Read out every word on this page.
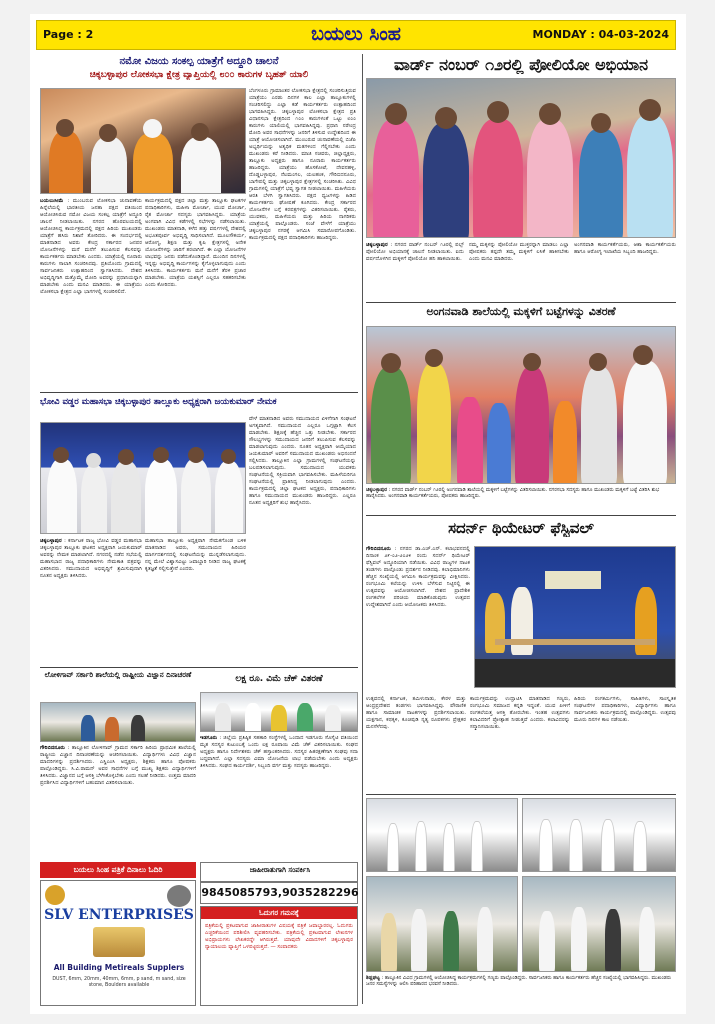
Page : 2	ಬಯಲು ಸಿಂಹ	MONDAY : 04-03-2024
ನಮೋ ವಿಜಯ ಸಂಕಲ್ಪ ಯಾತ್ರೆಗೆ ಅದ್ಧೂರಿ ಚಾಲನೆ
ಚಿಕ್ಕಬಳ್ಳಾಪುರ ಲೋಕಸಭಾ ಕ್ಷೇತ್ರ ವ್ಯಾಪ್ತಿಯಲ್ಲಿ ೮೦೦ ಕಾರುಗಳ ಬೃಹತ್ ಯಾಲಿ
ಬೆಂಗಳೂರು ಗ್ರಾಮಾಂತರ ಲೋಕಸಭಾ ಕ್ಷೇತ್ರದಲ್ಲಿ ಸಂಚರಿಸುತ್ತಿರುವ ಯಾತ್ರೆಯು ಎರಡು ದಿನಗಳ ಕಾಲ ಎಲ್ಲಾ ತಾಲ್ಲೂಕುಗಳಲ್ಲಿ ಸಂಚರಿಸಲಿದ್ದು ಎಲ್ಲಾ ಕಡೆ ಕಾರ್ಯಕರ್ತರು ಉತ್ಸಾಹದಿಂದ ಭಾಗವಹಿಸಿದ್ದರು. ಚಿಕ್ಕಬಳ್ಳಾಪುರ ಲೋಕಸಭಾ ಕ್ಷೇತ್ರದ ಪ್ರತಿ ವಿಧಾನಸಭಾ ಕ್ಷೇತ್ರದಿಂದ ೧೦೦ ಕಾರುಗಳಂತೆ ಒಟ್ಟು ೮೦೦ ಕಾರುಗಳು ಯಾಲಿಯಲ್ಲಿ ಭಾಗವಹಿಸಿದ್ದವು. ಪ್ರಧಾನಿ ನರೇಂದ್ರ ಮೋದಿ ಅವರ ಸಾಧನೆಗಳನ್ನು ಜನರಿಗೆ ತಿಳಿಸುವ ಉದ್ದೇಶದಿಂದ ಈ ಯಾತ್ರೆ ಆಯೋಜಿಸಲಾಗಿದೆ. ಮುಂಬರುವ ಚುನಾವಣೆಯಲ್ಲಿ ಬಿಜೆಪಿ ಅಭ್ಯರ್ಥಿಯನ್ನು ಅತ್ಯಧಿಕ ಮತಗಳಿಂದ ಗೆಲ್ಲಿಸಬೇಕು ಎಂದು ಮುಖಂಡರು ಕರೆ ನೀಡಿದರು. ಮಾಜಿ ಸಚಿವರು, ಜಿಲ್ಲಾಧ್ಯಕ್ಷರು, ತಾಲ್ಲೂಕು ಅಧ್ಯಕ್ಷರು ಹಾಗೂ ನೂರಾರು ಕಾರ್ಯಕರ್ತರು ಹಾಜರಿದ್ದರು. ಯಾತ್ರೆಯು ಹೊಸಕೋಟೆ, ದೇವನಹಳ್ಳಿ, ದೊಡ್ಡಬಳ್ಳಾಪುರ, ನೆಲಮಂಗಲ, ಯಲಹಂಕ, ಗೌರಿಬಿದನೂರು, ಬಾಗೇಪಲ್ಲಿ ಮತ್ತು ಚಿಕ್ಕಬಳ್ಳಾಪುರ ಕ್ಷೇತ್ರಗಳಲ್ಲಿ ಸಂಚರಿಸಿತು. ವಿವಿಧ ಗ್ರಾಮಗಳಲ್ಲಿ ಯಾತ್ರೆಗೆ ಭವ್ಯ ಸ್ವಾಗತ ನೀಡಲಾಯಿತು. ಮಹಿಳೆಯರು ಆರತಿ ಬೆಳಗಿ ಸ್ವಾಗತಿಸಿದರು. ಪಕ್ಷದ ಧ್ವಜಗಳನ್ನು ಹಿಡಿದ ಕಾರ್ಯಕರ್ತರು ಘೋಷಣೆ ಕೂಗಿದರು. ಕೇಂದ್ರ ಸರ್ಕಾರದ ಯೋಜನೆಗಳ ಬಗ್ಗೆ ಕರಪತ್ರಗಳನ್ನು ವಿತರಿಸಲಾಯಿತು. ರೈತರು, ಯುವಕರು, ಮಹಿಳೆಯರು ಮತ್ತು ಹಿರಿಯ ನಾಗರಿಕರು ಯಾತ್ರೆಯಲ್ಲಿ ಪಾಲ್ಗೊಂಡರು. ಸಂಜೆ ವೇಳೆಗೆ ಯಾತ್ರೆಯು ಚಿಕ್ಕಬಳ್ಳಾಪುರ ನಗರಕ್ಕೆ ಆಗಮಿಸಿ ಸಮಾರೋಪಗೊಂಡಿತು. ಕಾರ್ಯಕ್ರಮದಲ್ಲಿ ಪಕ್ಷದ ಪದಾಧಿಕಾರಿಗಳು ಹಾಜರಿದ್ದರು.
ಬಯಲುಸೀಮೆ : ಮುಂಬರುವ ಲೋಕಸಭಾ ಚುನಾವಣೆಯ ಹಿನ್ನೆಲೆಯಲ್ಲಿ ಭಾರತೀಯ ಜನತಾ ಪಕ್ಷದ ವತಿಯಿಂದ ಆಯೋಜಿಸಿರುವ ನಮೋ ವಿಜಯ ಸಂಕಲ್ಪ ಯಾತ್ರೆಗೆ ಅದ್ಧೂರಿ ಚಾಲನೆ ನೀಡಲಾಯಿತು. ನಗರದ ಹೊರವಲಯದಲ್ಲಿ ಆಯೋಜಿಸಿದ್ದ ಕಾರ್ಯಕ್ರಮದಲ್ಲಿ ಪಕ್ಷದ ಹಿರಿಯ ಮುಖಂಡರು ಯಾತ್ರೆಗೆ ಹಸಿರು ನಿಶಾನೆ ತೋರಿದರು. ಈ ಸಂದರ್ಭದಲ್ಲಿ ಮಾತನಾಡಿದ ಅವರು ಕೇಂದ್ರ ಸರ್ಕಾರದ ಜನಪರ ಯೋಜನೆಗಳನ್ನು ಮನೆ ಮನೆಗೆ ತಲುಪಿಸುವ ಕೆಲಸವನ್ನು ಕಾರ್ಯಕರ್ತರು ಮಾಡಬೇಕು ಎಂದರು. ಯಾತ್ರೆಯಲ್ಲಿ ನೂರಾರು ಕಾರುಗಳು ಸಾಲಾಗಿ ಸಂಚರಿಸಿದವು. ಪ್ರತಿಯೊಂದು ಗ್ರಾಮದಲ್ಲಿ ಸಾರ್ವಜನಿಕರು ಉತ್ಸಾಹದಿಂದ ಸ್ವಾಗತಿಸಿದರು. ದೇಶದ ಅಭಿವೃದ್ಧಿಗಾಗಿ ಮತ್ತೊಮ್ಮೆ ಮೋದಿ ಅವರನ್ನು ಪ್ರಧಾನಿಯನ್ನಾಗಿ ಮಾಡಬೇಕು ಎಂದು ಮನವಿ ಮಾಡಿದರು. ಈ ಯಾತ್ರೆಯು ಲೋಕಸಭಾ ಕ್ಷೇತ್ರದ ಎಲ್ಲಾ ಭಾಗಗಳಲ್ಲಿ ಸಂಚರಿಸಲಿದೆ.
ಕಾರ್ಯಕ್ರಮದಲ್ಲಿ ಪಕ್ಷದ ಜಿಲ್ಲಾ ಮತ್ತು ತಾಲ್ಲೂಕು ಘಟಕಗಳ ಪದಾಧಿಕಾರಿಗಳು, ಮಹಿಳಾ ಮೋರ್ಚಾ, ಯುವ ಮೋರ್ಚಾ, ರೈತ ಮೋರ್ಚಾ ಸದಸ್ಯರು ಭಾಗವಹಿಸಿದ್ದರು. ಯಾತ್ರೆಯ ಅಂಗವಾಗಿ ವಿವಿಧ ಕಡೆಗಳಲ್ಲಿ ಸಭೆಗಳನ್ನು ನಡೆಸಲಾಯಿತು. ಮುಖಂಡರು ಮಾತನಾಡಿ, ಕಳೆದ ಹತ್ತು ವರ್ಷಗಳಲ್ಲಿ ದೇಶದಲ್ಲಿ ಅಭೂತಪೂರ್ವ ಅಭಿವೃದ್ಧಿ ಸಾಧಿಸಲಾಗಿದೆ. ಮೂಲಸೌಕರ್ಯ, ಆರೋಗ್ಯ, ಶಿಕ್ಷಣ ಮತ್ತು ಕೃಷಿ ಕ್ಷೇತ್ರಗಳಲ್ಲಿ ಅನೇಕ ಯೋಜನೆಗಳನ್ನು ಜಾರಿಗೆ ತರಲಾಗಿದೆ. ಈ ಎಲ್ಲಾ ಯೋಜನೆಗಳ ಲಾಭವನ್ನು ಜನರು ಪಡೆದುಕೊಂಡಿದ್ದಾರೆ. ಮುಂದಿನ ದಿನಗಳಲ್ಲಿ ಇನ್ನಷ್ಟು ಅಭಿವೃದ್ಧಿ ಕಾರ್ಯಗಳನ್ನು ಕೈಗೊಳ್ಳಲಾಗುವುದು ಎಂದು ತಿಳಿಸಿದರು. ಕಾರ್ಯಕರ್ತರು ಮನೆ ಮನೆಗೆ ತೆರಳಿ ಪ್ರಚಾರ ಮಾಡಬೇಕು. ಯಾತ್ರೆಯ ಯಶಸ್ಸಿಗೆ ಎಲ್ಲರೂ ಸಹಕರಿಸಬೇಕು ಎಂದು ಕೋರಿದರು.
ಭೋವಿ ವಡ್ಡರ ಮಹಾಸಭಾ ಚಿಕ್ಕಬಳ್ಳಾಪುರ ತಾಲ್ಲೂಕು ಅಧ್ಯಕ್ಷರಾಗಿ ಜಯಕುಮಾರ್ ನೇಮಕ
ವೇಳೆ ಮಾತನಾಡಿದ ಅವರು ಸಮುದಾಯದ ಏಳಿಗೆಗಾಗಿ ಸಂಘಟನೆ ಅಗತ್ಯವಾಗಿದೆ. ಸಮುದಾಯದ ಎಲ್ಲರೂ ಒಗ್ಗಟ್ಟಾಗಿ ಕೆಲಸ ಮಾಡಬೇಕು. ಶಿಕ್ಷಣಕ್ಕೆ ಹೆಚ್ಚಿನ ಒತ್ತು ನೀಡಬೇಕು. ಸರ್ಕಾರದ ಸೌಲಭ್ಯಗಳನ್ನು ಸಮುದಾಯದ ಜನರಿಗೆ ತಲುಪಿಸುವ ಕೆಲಸವನ್ನು ಮಾಡಲಾಗುವುದು ಎಂದರು. ನೂತನ ಅಧ್ಯಕ್ಷರಾಗಿ ಆಯ್ಕೆಯಾದ ಜಯಕುಮಾರ್ ಅವರಿಗೆ ಸಮುದಾಯದ ಮುಖಂಡರು ಅಭಿನಂದನೆ ಸಲ್ಲಿಸಿದರು. ತಾಲ್ಲೂಕಿನ ಎಲ್ಲಾ ಗ್ರಾಮಗಳಲ್ಲಿ ಸಂಘಟನೆಯನ್ನು ಬಲಪಡಿಸಲಾಗುವುದು. ಸಮುದಾಯದ ಯುವಕರು ಸಂಘಟನೆಯಲ್ಲಿ ಸಕ್ರಿಯವಾಗಿ ಭಾಗವಹಿಸಬೇಕು. ಮಹಿಳೆಯರಿಗೂ ಸಂಘಟನೆಯಲ್ಲಿ ಪ್ರಾತಿನಿಧ್ಯ ನೀಡಲಾಗುವುದು ಎಂದರು. ಕಾರ್ಯಕ್ರಮದಲ್ಲಿ ಜಿಲ್ಲಾ ಘಟಕದ ಅಧ್ಯಕ್ಷರು, ಪದಾಧಿಕಾರಿಗಳು ಹಾಗೂ ಸಮುದಾಯದ ಮುಖಂಡರು ಹಾಜರಿದ್ದರು. ಎಲ್ಲರೂ ನೂತನ ಅಧ್ಯಕ್ಷರಿಗೆ ಶುಭ ಹಾರೈಸಿದರು.
ಚಿಕ್ಕಬಳ್ಳಾಪುರ : ಕರ್ನಾಟಕ ರಾಜ್ಯ ಭೋವಿ ವಡ್ಡರ ಮಹಾಸಭಾ ಚಿಕ್ಕಬಳ್ಳಾಪುರ ತಾಲ್ಲೂಕು ಘಟಕದ ಅಧ್ಯಕ್ಷರಾಗಿ ಜಯಕುಮಾರ್ ಅವರನ್ನು ನೇಮಕ ಮಾಡಲಾಗಿದೆ. ನಗರದಲ್ಲಿ ನಡೆದ ಸಭೆಯಲ್ಲಿ ಮಹಾಸಭಾದ ರಾಜ್ಯ ಪದಾಧಿಕಾರಿಗಳು ನೇಮಕಾತಿ ಪತ್ರವನ್ನು ವಿತರಿಸಿದರು. ಸಮುದಾಯದ ಅಭಿವೃದ್ಧಿಗೆ ಶ್ರಮಿಸುವುದಾಗಿ ನೂತನ ಅಧ್ಯಕ್ಷರು ತಿಳಿಸಿದರು.
ಮಹಾಸಭಾ ತಾಲ್ಲೂಕು ಅಧ್ಯಕ್ಷರಾಗಿ ನೇಮಕಗೊಂಡ ಬಳಿಕ ಮಾತನಾಡಿದ ಅವರು, ಸಮುದಾಯದ ಹಿರಿಯರ ಮಾರ್ಗದರ್ಶನದಲ್ಲಿ ಸಂಘಟನೆಯನ್ನು ಮುನ್ನಡೆಸಲಾಗುವುದು. ನನ್ನ ಮೇಲೆ ವಿಶ್ವಾಸವಿಟ್ಟು ಜವಾಬ್ದಾರಿ ನೀಡಿದ ರಾಜ್ಯ ಘಟಕಕ್ಕೆ ಕೃತಜ್ಞತೆ ಸಲ್ಲಿಸುತ್ತೇನೆ ಎಂದರು.
ಲೋಳಿಗಾವ್ ಸರ್ಕಾರಿ ಶಾಲೆಯಲ್ಲಿ ರಾಷ್ಟ್ರೀಯ ವಿಜ್ಞಾನ ದಿನಾಚರಣೆ
ಗೌರಿಬಿದನೂರು : ತಾಲ್ಲೂಕಿನ ಲೋಳಿಗಾವ್ ಗ್ರಾಮದ ಸರ್ಕಾರಿ ಹಿರಿಯ ಪ್ರಾಥಮಿಕ ಶಾಲೆಯಲ್ಲಿ ರಾಷ್ಟ್ರೀಯ ವಿಜ್ಞಾನ ದಿನಾಚರಣೆಯನ್ನು ಆಚರಿಸಲಾಯಿತು. ವಿದ್ಯಾರ್ಥಿಗಳು ವಿವಿಧ ವಿಜ್ಞಾನ ಮಾದರಿಗಳನ್ನು ಪ್ರದರ್ಶಿಸಿದರು. ಎಸ್ಡಿಎಂಸಿ ಅಧ್ಯಕ್ಷರು, ಶಿಕ್ಷಕರು ಹಾಗೂ ಪೋಷಕರು ಪಾಲ್ಗೊಂಡಿದ್ದರು. ಸಿ.ವಿ.ರಾಮನ್ ಅವರ ಸಾಧನೆಗಳ ಬಗ್ಗೆ ಮುಖ್ಯ ಶಿಕ್ಷಕರು ವಿದ್ಯಾರ್ಥಿಗಳಿಗೆ ತಿಳಿಸಿದರು. ವಿಜ್ಞಾನದ ಬಗ್ಗೆ ಆಸಕ್ತಿ ಬೆಳೆಸಿಕೊಳ್ಳಬೇಕು ಎಂದು ಸಲಹೆ ನೀಡಿದರು. ಉತ್ತಮ ಮಾದರಿ ಪ್ರದರ್ಶಿಸಿದ ವಿದ್ಯಾರ್ಥಿಗಳಿಗೆ ಬಹುಮಾನ ವಿತರಿಸಲಾಯಿತು.
ಲಕ್ಷ ರೂ. ವಿಮೆ ಚೆಕ್ ವಿತರಣೆ
ಇಡಗೂರು : ಜಿಲ್ಲೆಯ ಪ್ರತಿಷ್ಠಿತ ಸಹಕಾರಿ ಸಂಸ್ಥೆಗಳಲ್ಲಿ ಒಂದಾದ ಇಡಗೂರು ಸೊಸೈಟಿ ವತಿಯಿಂದ ಮೃತ ಸದಸ್ಯರ ಕುಟುಂಬಕ್ಕೆ ಒಂದು ಲಕ್ಷ ರೂಪಾಯಿ ವಿಮೆ ಚೆಕ್ ವಿತರಿಸಲಾಯಿತು. ಸಂಘದ ಅಧ್ಯಕ್ಷರು ಹಾಗೂ ನಿರ್ದೇಶಕರು ಚೆಕ್ ಹಸ್ತಾಂತರಿಸಿದರು. ಸದಸ್ಯರ ಹಿತರಕ್ಷಣೆಗಾಗಿ ಸಂಘವು ಸದಾ ಬದ್ಧವಾಗಿದೆ. ಎಲ್ಲಾ ಸದಸ್ಯರು ವಿಮಾ ಯೋಜನೆಯ ಲಾಭ ಪಡೆಯಬೇಕು ಎಂದು ಅಧ್ಯಕ್ಷರು ತಿಳಿಸಿದರು. ಸಂಘದ ಕಾರ್ಯದರ್ಶಿ, ಸಿಬ್ಬಂದಿ ವರ್ಗ ಮತ್ತು ಸದಸ್ಯರು ಹಾಜರಿದ್ದರು.
ಬಯಲು ಸಿಂಹ ಪತ್ರಿಕೆ ದಿನಾಲು ಓದಿರಿ
SLV ENTERPRISES
All Building Metireals Supplers
DUST, 6mm, 20mm, 40mm, 6mm, p sand, m sand, size stone, Boulders available
ಜಾಹೀರಾತುಗಾಗಿ ಸಂಪರ್ಕಿಸಿ
9845085793,9035282296
ಓದುಗರ ಗಮನಕ್ಕೆ
ಪತ್ರಿಕೆಯಲ್ಲಿ ಪ್ರಕಟವಾಗುವ ಜಾಹೀರಾತುಗಳ ವಿಷಯಕ್ಕೆ ಪತ್ರಿಕೆ ಜವಾಬ್ದಾರರಲ್ಲ. ಓದುಗರು ಎಚ್ಚರಿಕೆಯಿಂದ ಪರಿಶೀಲಿಸಿ ವ್ಯವಹರಿಸಬೇಕು. ಪತ್ರಿಕೆಯಲ್ಲಿ ಪ್ರಕಟವಾಗುವ ಲೇಖನಗಳ ಅಭಿಪ್ರಾಯಗಳು ಲೇಖಕರದ್ದೇ ಆಗಿರುತ್ತವೆ. ಯಾವುದೇ ವಿವಾದಗಳಿಗೆ ಚಿಕ್ಕಬಳ್ಳಾಪುರ ನ್ಯಾಯಾಲಯ ವ್ಯಾಪ್ತಿಗೆ ಒಳಪಟ್ಟಿರುತ್ತದೆ. — ಸಂಪಾದಕರು
ವಾರ್ಡ್ ನಂಬರ್ ೧೨ರಲ್ಲಿ ಪೋಲಿಯೋ ಅಭಿಯಾನ
ಚಿಕ್ಕಬಳ್ಳಾಪುರ : ನಗರದ ವಾರ್ಡ್ ನಂಬರ್ ೧೨ರಲ್ಲಿ ಪಲ್ಸ್ ಪೋಲಿಯೋ ಅಭಿಯಾನಕ್ಕೆ ಚಾಲನೆ ನೀಡಲಾಯಿತು. ಐದು ವರ್ಷದೊಳಗಿನ ಮಕ್ಕಳಿಗೆ ಪೋಲಿಯೋ ಹನಿ ಹಾಕಲಾಯಿತು.
ನಮ್ಮ ಮಕ್ಕಳನ್ನು ಪೋಲಿಯೋ ಮುಕ್ತರನ್ನಾಗಿ ಮಾಡಲು ಎಲ್ಲಾ ಪೋಷಕರು ತಪ್ಪದೇ ತಮ್ಮ ಮಕ್ಕಳಿಗೆ ಲಸಿಕೆ ಹಾಕಿಸಬೇಕು ಎಂದು ಮನವಿ ಮಾಡಿದರು.
ಅಂಗನವಾಡಿ ಕಾರ್ಯಕರ್ತೆಯರು, ಆಶಾ ಕಾರ್ಯಕರ್ತೆಯರು ಹಾಗೂ ಆರೋಗ್ಯ ಇಲಾಖೆಯ ಸಿಬ್ಬಂದಿ ಹಾಜರಿದ್ದರು.
ಅಂಗನವಾಡಿ ಶಾಲೆಯಲ್ಲಿ ಮಕ್ಕಳಿಗೆ ಬಟ್ಟೆಗಳನ್ನು ವಿತರಣೆ
ಚಿಕ್ಕಬಳ್ಳಾಪುರ : ನಗರದ ವಾರ್ಡ್ ನಂಬರ್ ೧೨ರಲ್ಲಿ ಅಂಗನವಾಡಿ ಶಾಲೆಯಲ್ಲಿ ಮಕ್ಕಳಿಗೆ ಬಟ್ಟೆಗಳನ್ನು ವಿತರಿಸಲಾಯಿತು. ನಗರಸಭಾ ಸದಸ್ಯರು ಹಾಗೂ ಮುಖಂಡರು ಮಕ್ಕಳಿಗೆ ಬಟ್ಟೆ ವಿತರಿಸಿ ಶುಭ ಹಾರೈಸಿದರು. ಅಂಗನವಾಡಿ ಕಾರ್ಯಕರ್ತೆಯರು, ಪೋಷಕರು ಹಾಜರಿದ್ದರು.
ಸದರ್ನ್ ಥಿಯೇಟರ್ ಫೆಸ್ಟಿವಲ್
ಗೌರಿಬಿದನೂರು : ನಗರದ ಡಾ.ಎಚ್.ಎನ್. ಕಲಾಭವನದಲ್ಲಿ ದಿನಾಂಕ ೨೯-೦೨-೨೦೨೪ ರಂದು ಸದರ್ನ್ ಥಿಯೇಟರ್ ಫೆಸ್ಟಿವಲ್ ಅದ್ಧೂರಿಯಾಗಿ ನಡೆಯಿತು. ವಿವಿಧ ರಾಜ್ಯಗಳ ನಾಟಕ ತಂಡಗಳು ಪಾಲ್ಗೊಂಡು ಪ್ರದರ್ಶನ ನೀಡಿದವು. ಕಲಾಭಿಮಾನಿಗಳು ಹೆಚ್ಚಿನ ಸಂಖ್ಯೆಯಲ್ಲಿ ಆಗಮಿಸಿ ಕಾರ್ಯಕ್ರಮವನ್ನು ವೀಕ್ಷಿಸಿದರು. ರಂಗಭೂಮಿ ಕಲೆಯನ್ನು ಉಳಿಸಿ ಬೆಳೆಸುವ ನಿಟ್ಟಿನಲ್ಲಿ ಈ ಉತ್ಸವವನ್ನು ಆಯೋಜಿಸಲಾಗಿದೆ. ದೇಶದ ಪ್ರಾದೇಶಿಕ ರಂಗಕಲೆಗಳ ಪರಿಚಯ ಮಾಡಿಕೊಡುವುದು ಉತ್ಸವದ ಉದ್ದೇಶವಾಗಿದೆ ಎಂದು ಆಯೋಜಕರು ತಿಳಿಸಿದರು.
ಉತ್ಸವದಲ್ಲಿ ಕರ್ನಾಟಕ, ತಮಿಳುನಾಡು, ಕೇರಳ ಮತ್ತು ಆಂಧ್ರಪ್ರದೇಶದ ತಂಡಗಳು ಭಾಗವಹಿಸಿದ್ದವು. ಪೌರಾಣಿಕ ಹಾಗೂ ಸಾಮಾಜಿಕ ನಾಟಕಗಳನ್ನು ಪ್ರದರ್ಶಿಸಲಾಯಿತು. ಯಕ್ಷಗಾನ, ಕಥಕ್ಕಳಿ, ಕೂಚಿಪುಡಿ ನೃತ್ಯ ರೂಪಕಗಳು ಪ್ರೇಕ್ಷಕರ ಮನಸೆಳೆದವು.
ಕಾರ್ಯಕ್ರಮವನ್ನು ಉದ್ಘಾಟಿಸಿ ಮಾತನಾಡಿದ ಗಣ್ಯರು, ರಂಗಭೂಮಿ ಸಮಾಜದ ಕನ್ನಡಿ ಇದ್ದಂತೆ. ಯುವ ಪೀಳಿಗೆ ರಂಗಕಲೆಯತ್ತ ಆಸಕ್ತಿ ತೋರಬೇಕು. ಇಂತಹ ಉತ್ಸವಗಳು ಕಲಾವಿದರಿಗೆ ಪ್ರೋತ್ಸಾಹ ನೀಡುತ್ತವೆ ಎಂದರು. ಕಲಾವಿದರನ್ನು ಸನ್ಮಾನಿಸಲಾಯಿತು.
ಹಿರಿಯ ರಂಗಕರ್ಮಿಗಳು, ಸಾಹಿತಿಗಳು, ಸಾಂಸ್ಕೃತಿಕ ಸಂಘಟನೆಗಳ ಪದಾಧಿಕಾರಿಗಳು, ವಿದ್ಯಾರ್ಥಿಗಳು ಹಾಗೂ ಸಾರ್ವಜನಿಕರು ಕಾರ್ಯಕ್ರಮದಲ್ಲಿ ಪಾಲ್ಗೊಂಡಿದ್ದರು. ಉತ್ಸವವು ಮೂರು ದಿನಗಳ ಕಾಲ ನಡೆಯಿತು.
ಶಿಡ್ಲಘಟ್ಟ : ತಾಲ್ಲೂಕಿನ ವಿವಿಧ ಗ್ರಾಮಗಳಲ್ಲಿ ಆಯೋಜಿಸಿದ್ದ ಕಾರ್ಯಕ್ರಮಗಳಲ್ಲಿ ಗಣ್ಯರು ಪಾಲ್ಗೊಂಡಿದ್ದರು. ಸಾರ್ವಜನಿಕರು ಹಾಗೂ ಕಾರ್ಯಕರ್ತರು ಹೆಚ್ಚಿನ ಸಂಖ್ಯೆಯಲ್ಲಿ ಭಾಗವಹಿಸಿದ್ದರು. ಮುಖಂಡರು ಜನರ ಸಮಸ್ಯೆಗಳನ್ನು ಆಲಿಸಿ ಪರಿಹಾರದ ಭರವಸೆ ನೀಡಿದರು.
